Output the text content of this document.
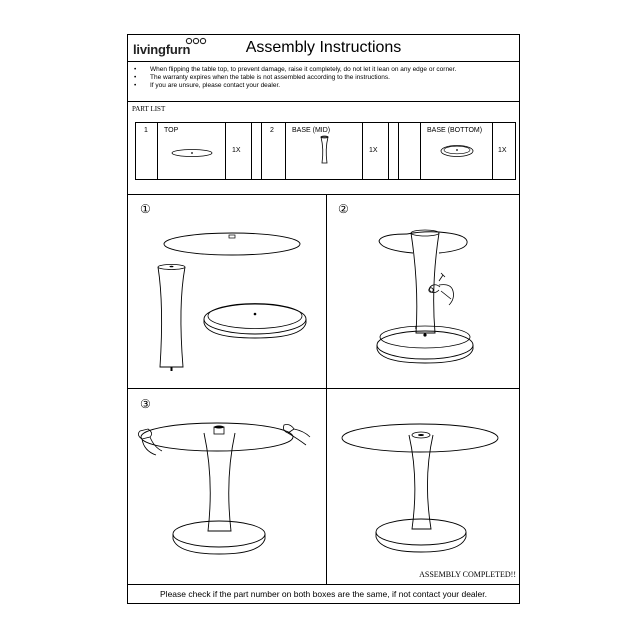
livingfurn	Assembly Instructions
• When flipping the table top, to prevent damage, raise it completely, do not let it lean on any edge or corner.
• The warranty expires when the table is not assembled according to the instructions.
• If you are unsure, please contact your dealer.
PART LIST
1 TOP
1X
2	BASE (MID)
1X
BASE (BOTTOM)
1X
①	②
③
ASSEMBLY COMPLETED!!
Please check if the part number on both boxes are the same, if not contact your dealer.
